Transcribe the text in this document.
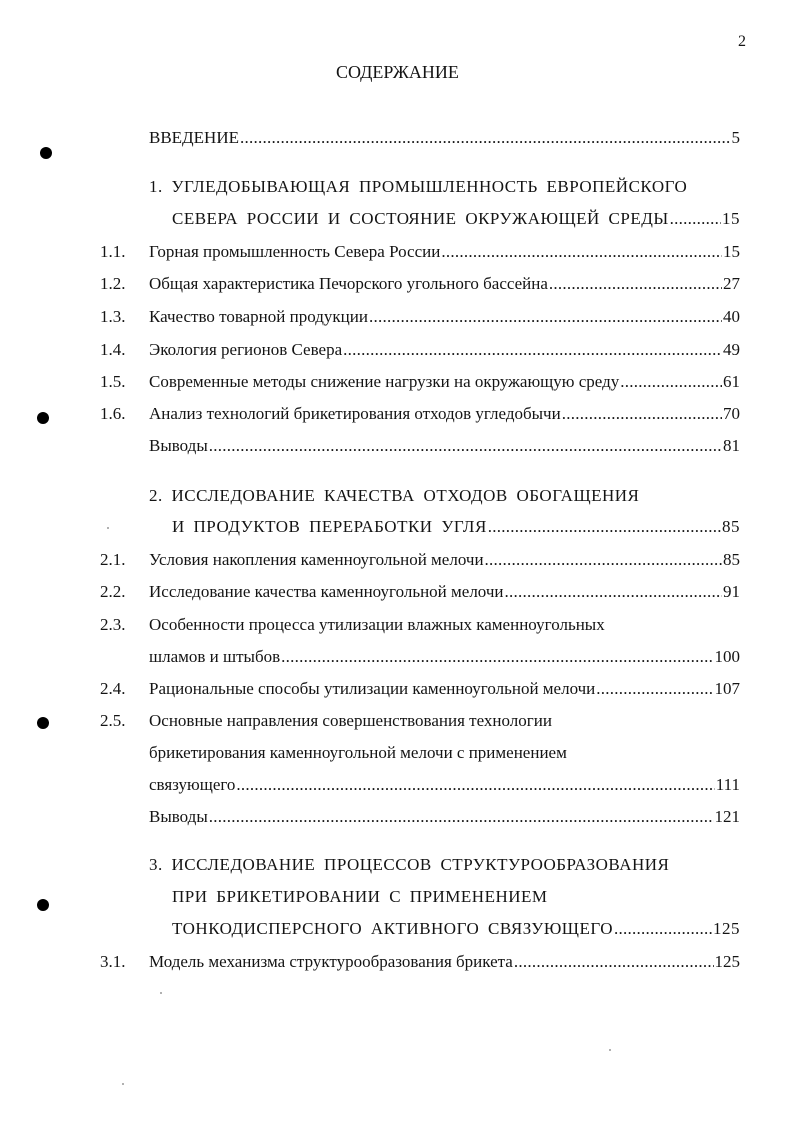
2
СОДЕРЖАНИЕ
ВВЕДЕНИЕ . . .	5
1. УГЛЕДОБЫВАЮЩАЯ ПРОМЫШЛЕННОСТЬ ЕВРОПЕЙСКОГО
СЕВЕРА РОССИИ И СОСТОЯНИЕ ОКРУЖАЮЩЕЙ СРЕДЫ . . .	15
1.1. Горная промышленность Севера России . . .	15
1.2. Общая характеристика Печорского угольного бассейна . . .	27
1.3. Качество товарной продукции . . .	40
1.4. Экология регионов Севера . . .	49
1.5. Современные методы снижение нагрузки на окружающую среду . . .	61
1.6. Анализ технологий брикетирования отходов угледобычи . . .	70
Выводы . . .	81
2. ИССЛЕДОВАНИЕ КАЧЕСТВА ОТХОДОВ ОБОГАЩЕНИЯ
И ПРОДУКТОВ ПЕРЕРАБОТКИ УГЛЯ . . .	85
2.1. Условия накопления каменноугольной мелочи . . .	85
2.2. Исследование качества каменноугольной мелочи . . .	91
2.3. Особенности процесса утилизации влажных каменноугольных
шламов и штыбов . . .	100
2.4. Рациональные способы утилизации каменноугольной мелочи . . .	107
2.5. Основные направления совершенствования технологии
брикетирования каменноугольной мелочи с применением
связующего . . .	111
Выводы . . .	121
3. ИССЛЕДОВАНИЕ ПРОЦЕССОВ СТРУКТУРООБРАЗОВАНИЯ
ПРИ БРИКЕТИРОВАНИИ С ПРИМЕНЕНИЕМ
ТОНКОДИСПЕРСНОГО АКТИВНОГО СВЯЗУЮЩЕГО . . .	125
3.1. Модель механизма структурообразования брикета . . .	125
